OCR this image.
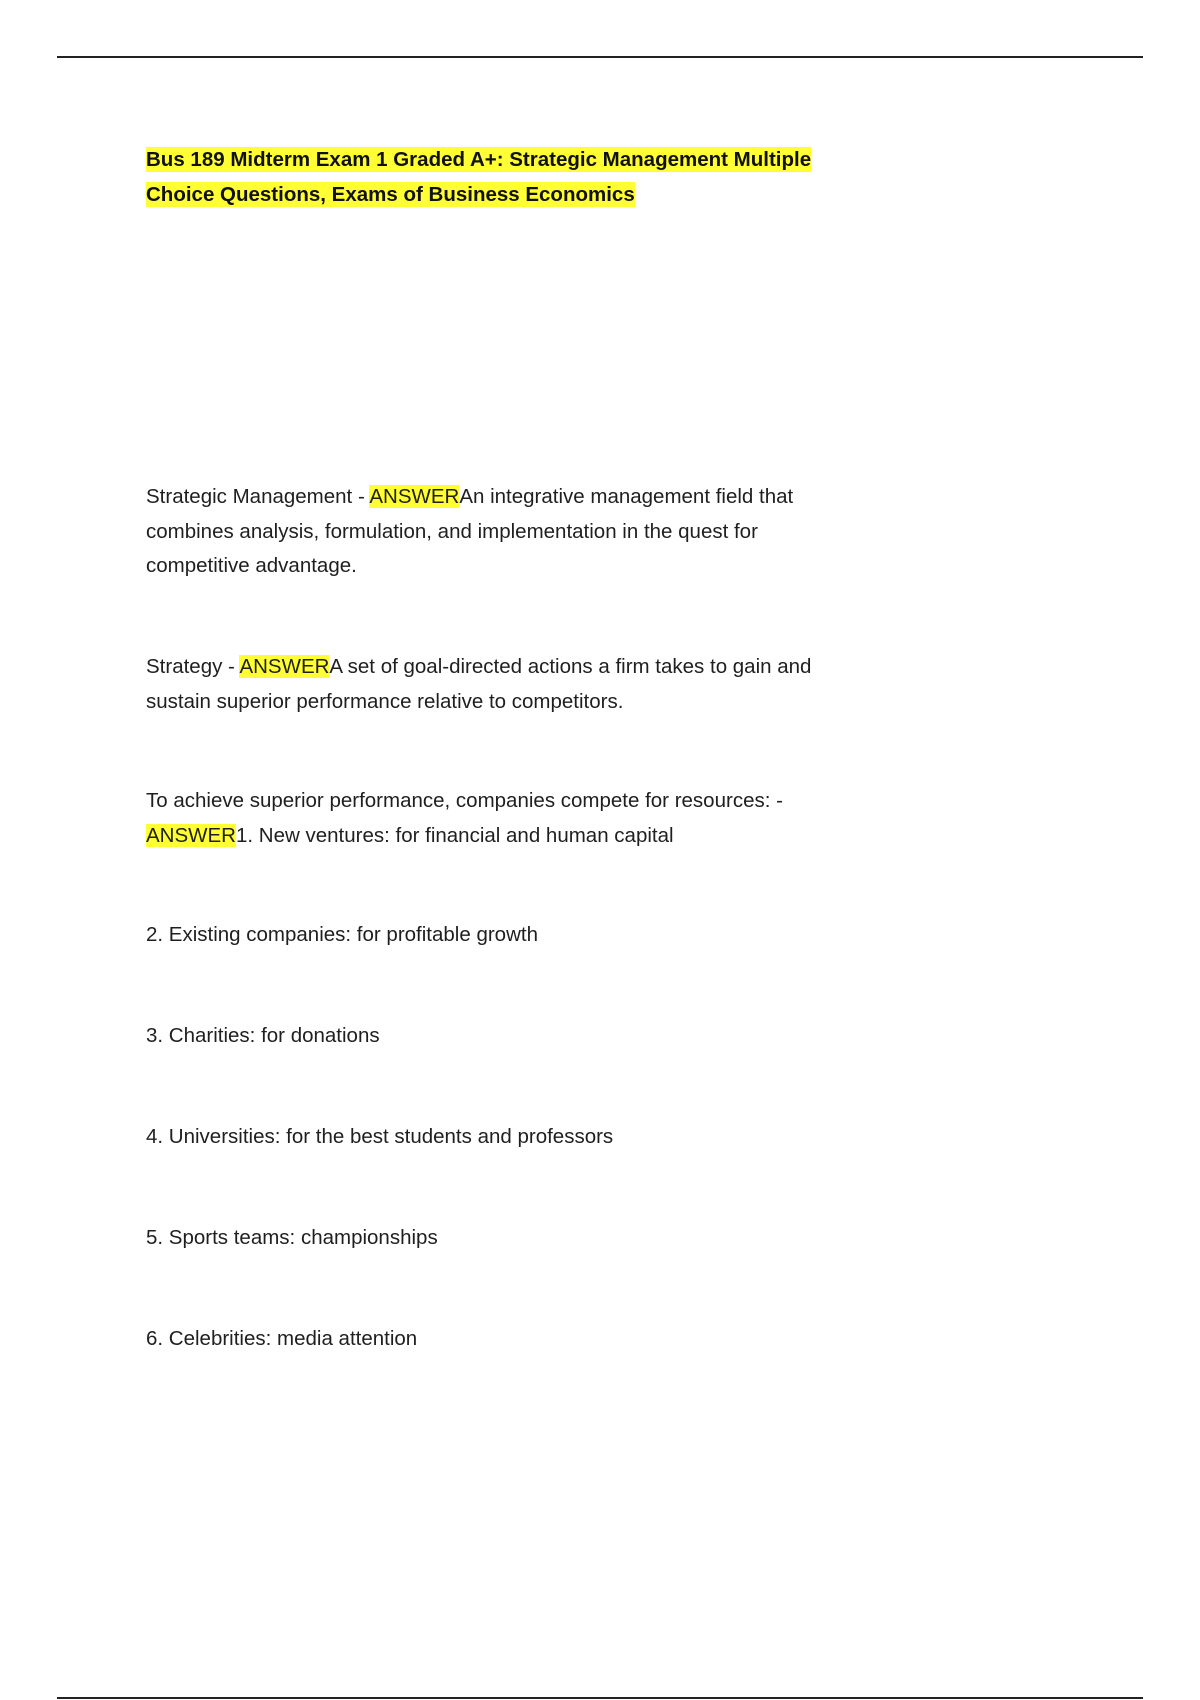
Bus 189 Midterm Exam 1 Graded A+: Strategic Management Multiple Choice Questions, Exams of Business Economics

Strategic Management - ANSWERAn integrative management field that combines analysis, formulation, and implementation in the quest for competitive advantage.

Strategy - ANSWERA set of goal-directed actions a firm takes to gain and sustain superior performance relative to competitors.

To achieve superior performance, companies compete for resources: - ANSWER1. New ventures: for financial and human capital

2. Existing companies: for profitable growth

3. Charities: for donations

4. Universities: for the best students and professors

5. Sports teams: championships

6. Celebrities: media attention
